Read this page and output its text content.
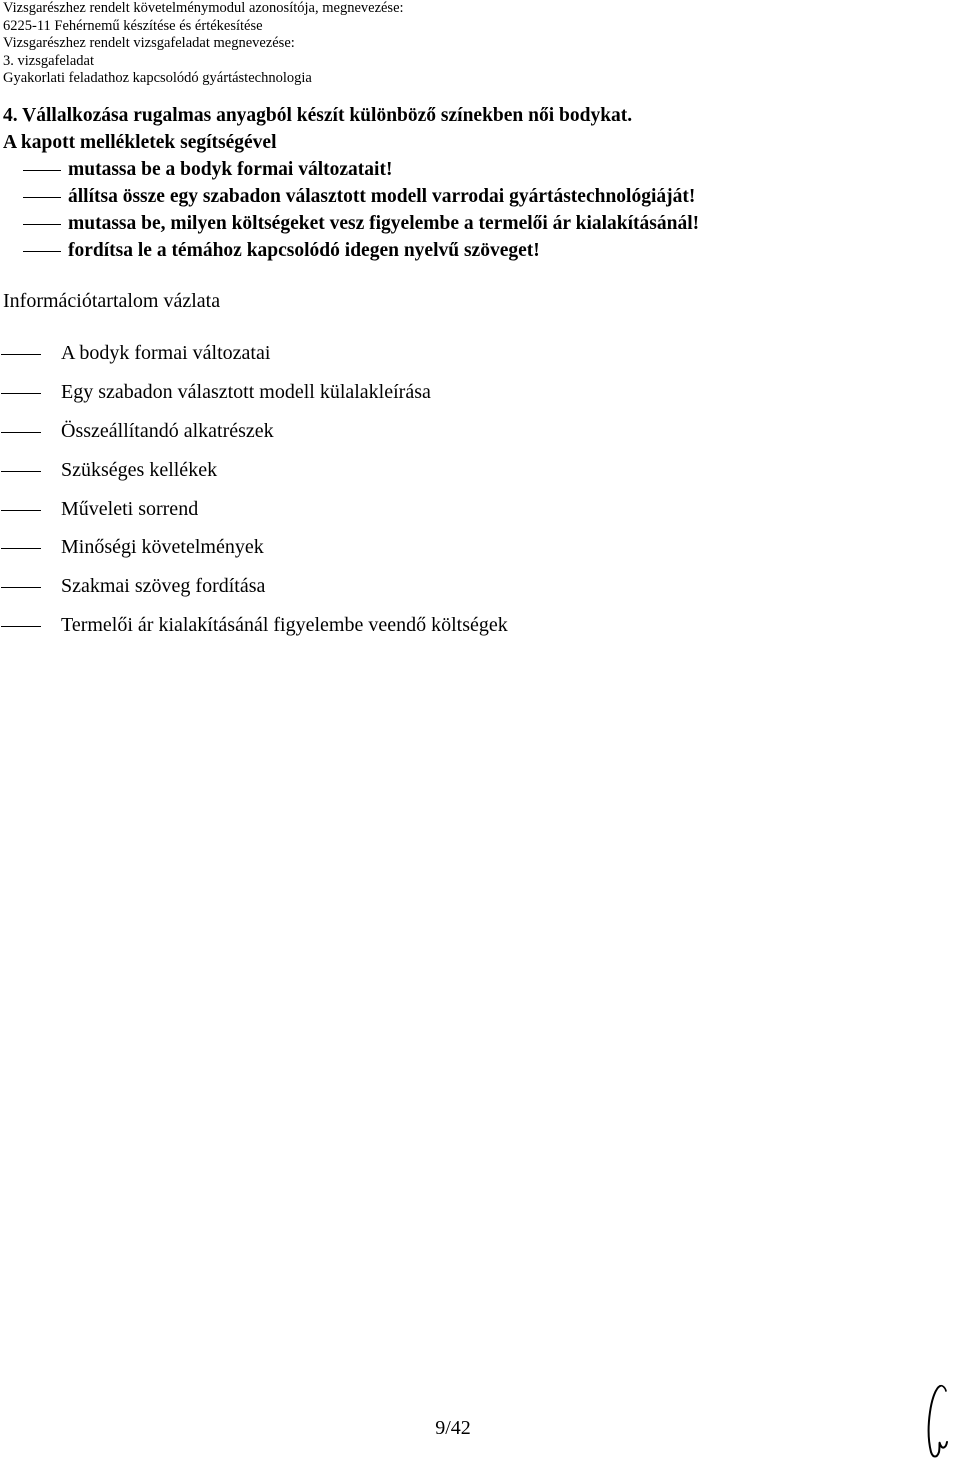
Vizsgarészhez rendelt követelménymodul azonosítója, megnevezése:
6225-11 Fehérnemű készítése és értékesítése
Vizsgarészhez rendelt vizsgafeladat megnevezése:
3. vizsgafeladat
Gyakorlati feladathoz kapcsolódó gyártástechnologia
4. Vállalkozása rugalmas anyagból készít különböző színekben női bodykat.
A kapott mellékletek segítségével
mutassa be a bodyk formai változatait!
állítsa össze egy szabadon választott modell varrodai gyártástechnológiáját!
mutassa be, milyen költségeket vesz figyelembe a termelői ár kialakításánál!
fordítsa le a témához kapcsolódó idegen nyelvű szöveget!
Információtartalom vázlata
A bodyk formai változatai
Egy szabadon választott modell külalakleírása
Összeállítandó alkatrészek
Szükséges kellékek
Műveleti sorrend
Minőségi követelmények
Szakmai szöveg fordítása
Termelői ár kialakításánál figyelembe veendő költségek
9/42
